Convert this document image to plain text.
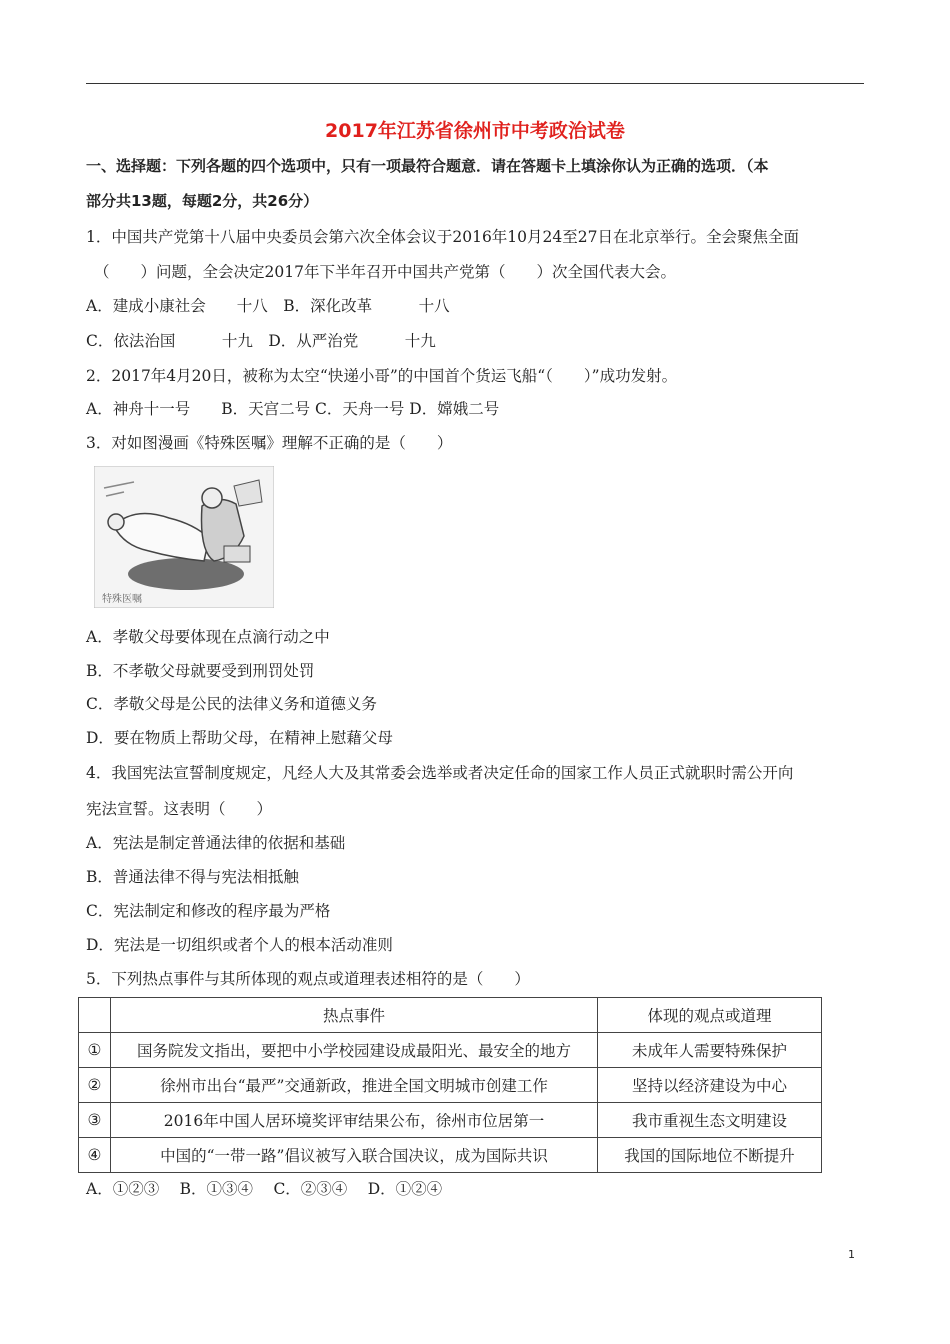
2017年江苏省徐州市中考政治试卷
一、选择题：下列各题的四个选项中，只有一项最符合题意．请在答题卡上填涂你认为正确的选项．（本
部分共13题，每题2分，共26分）
1．中国共产党第十八届中央委员会第六次全体会议于2016年10月24至27日在北京举行。全会聚焦全面
（　　）问题，全会决定2017年下半年召开中国共产党第（　　）次全国代表大会。
A．建成小康社会　　十八　B．深化改革　　　十八
C．依法治国　　　十九　D．从严治党　　　十九
2．2017年4月20日，被称为太空“快递小哥”的中国首个货运飞船“（　　）”成功发射。
A．神舟十一号　　B．天宫二号 C．天舟一号 D．嫦娥二号
3．对如图漫画《特殊医嘱》理解不正确的是（　　）
特殊医嘱
A．孝敬父母要体现在点滴行动之中
B．不孝敬父母就要受到刑罚处罚
C．孝敬父母是公民的法律义务和道德义务
D．要在物质上帮助父母，在精神上慰藉父母
4．我国宪法宣誓制度规定，凡经人大及其常委会选举或者决定任命的国家工作人员正式就职时需公开向
宪法宣誓。这表明（　　）
A．宪法是制定普通法律的依据和基础
B．普通法律不得与宪法相抵触
C．宪法制定和修改的程序最为严格
D．宪法是一切组织或者个人的根本活动准则
5．下列热点事件与其所体现的观点或道理表述相符的是（　　）
	热点事件	体现的观点或道理
①	国务院发文指出，要把中小学校园建设成最阳光、最安全的地方	未成年人需要特殊保护
②	徐州市出台“最严”交通新政，推进全国文明城市创建工作	坚持以经济建设为中心
③	2016年中国人居环境奖评审结果公布，徐州市位居第一	我市重视生态文明建设
④	中国的“一带一路”倡议被写入联合国决议，成为国际共识	我国的国际地位不断提升
A．①②③　 B．①③④　 C．②③④　 D．①②④
1
